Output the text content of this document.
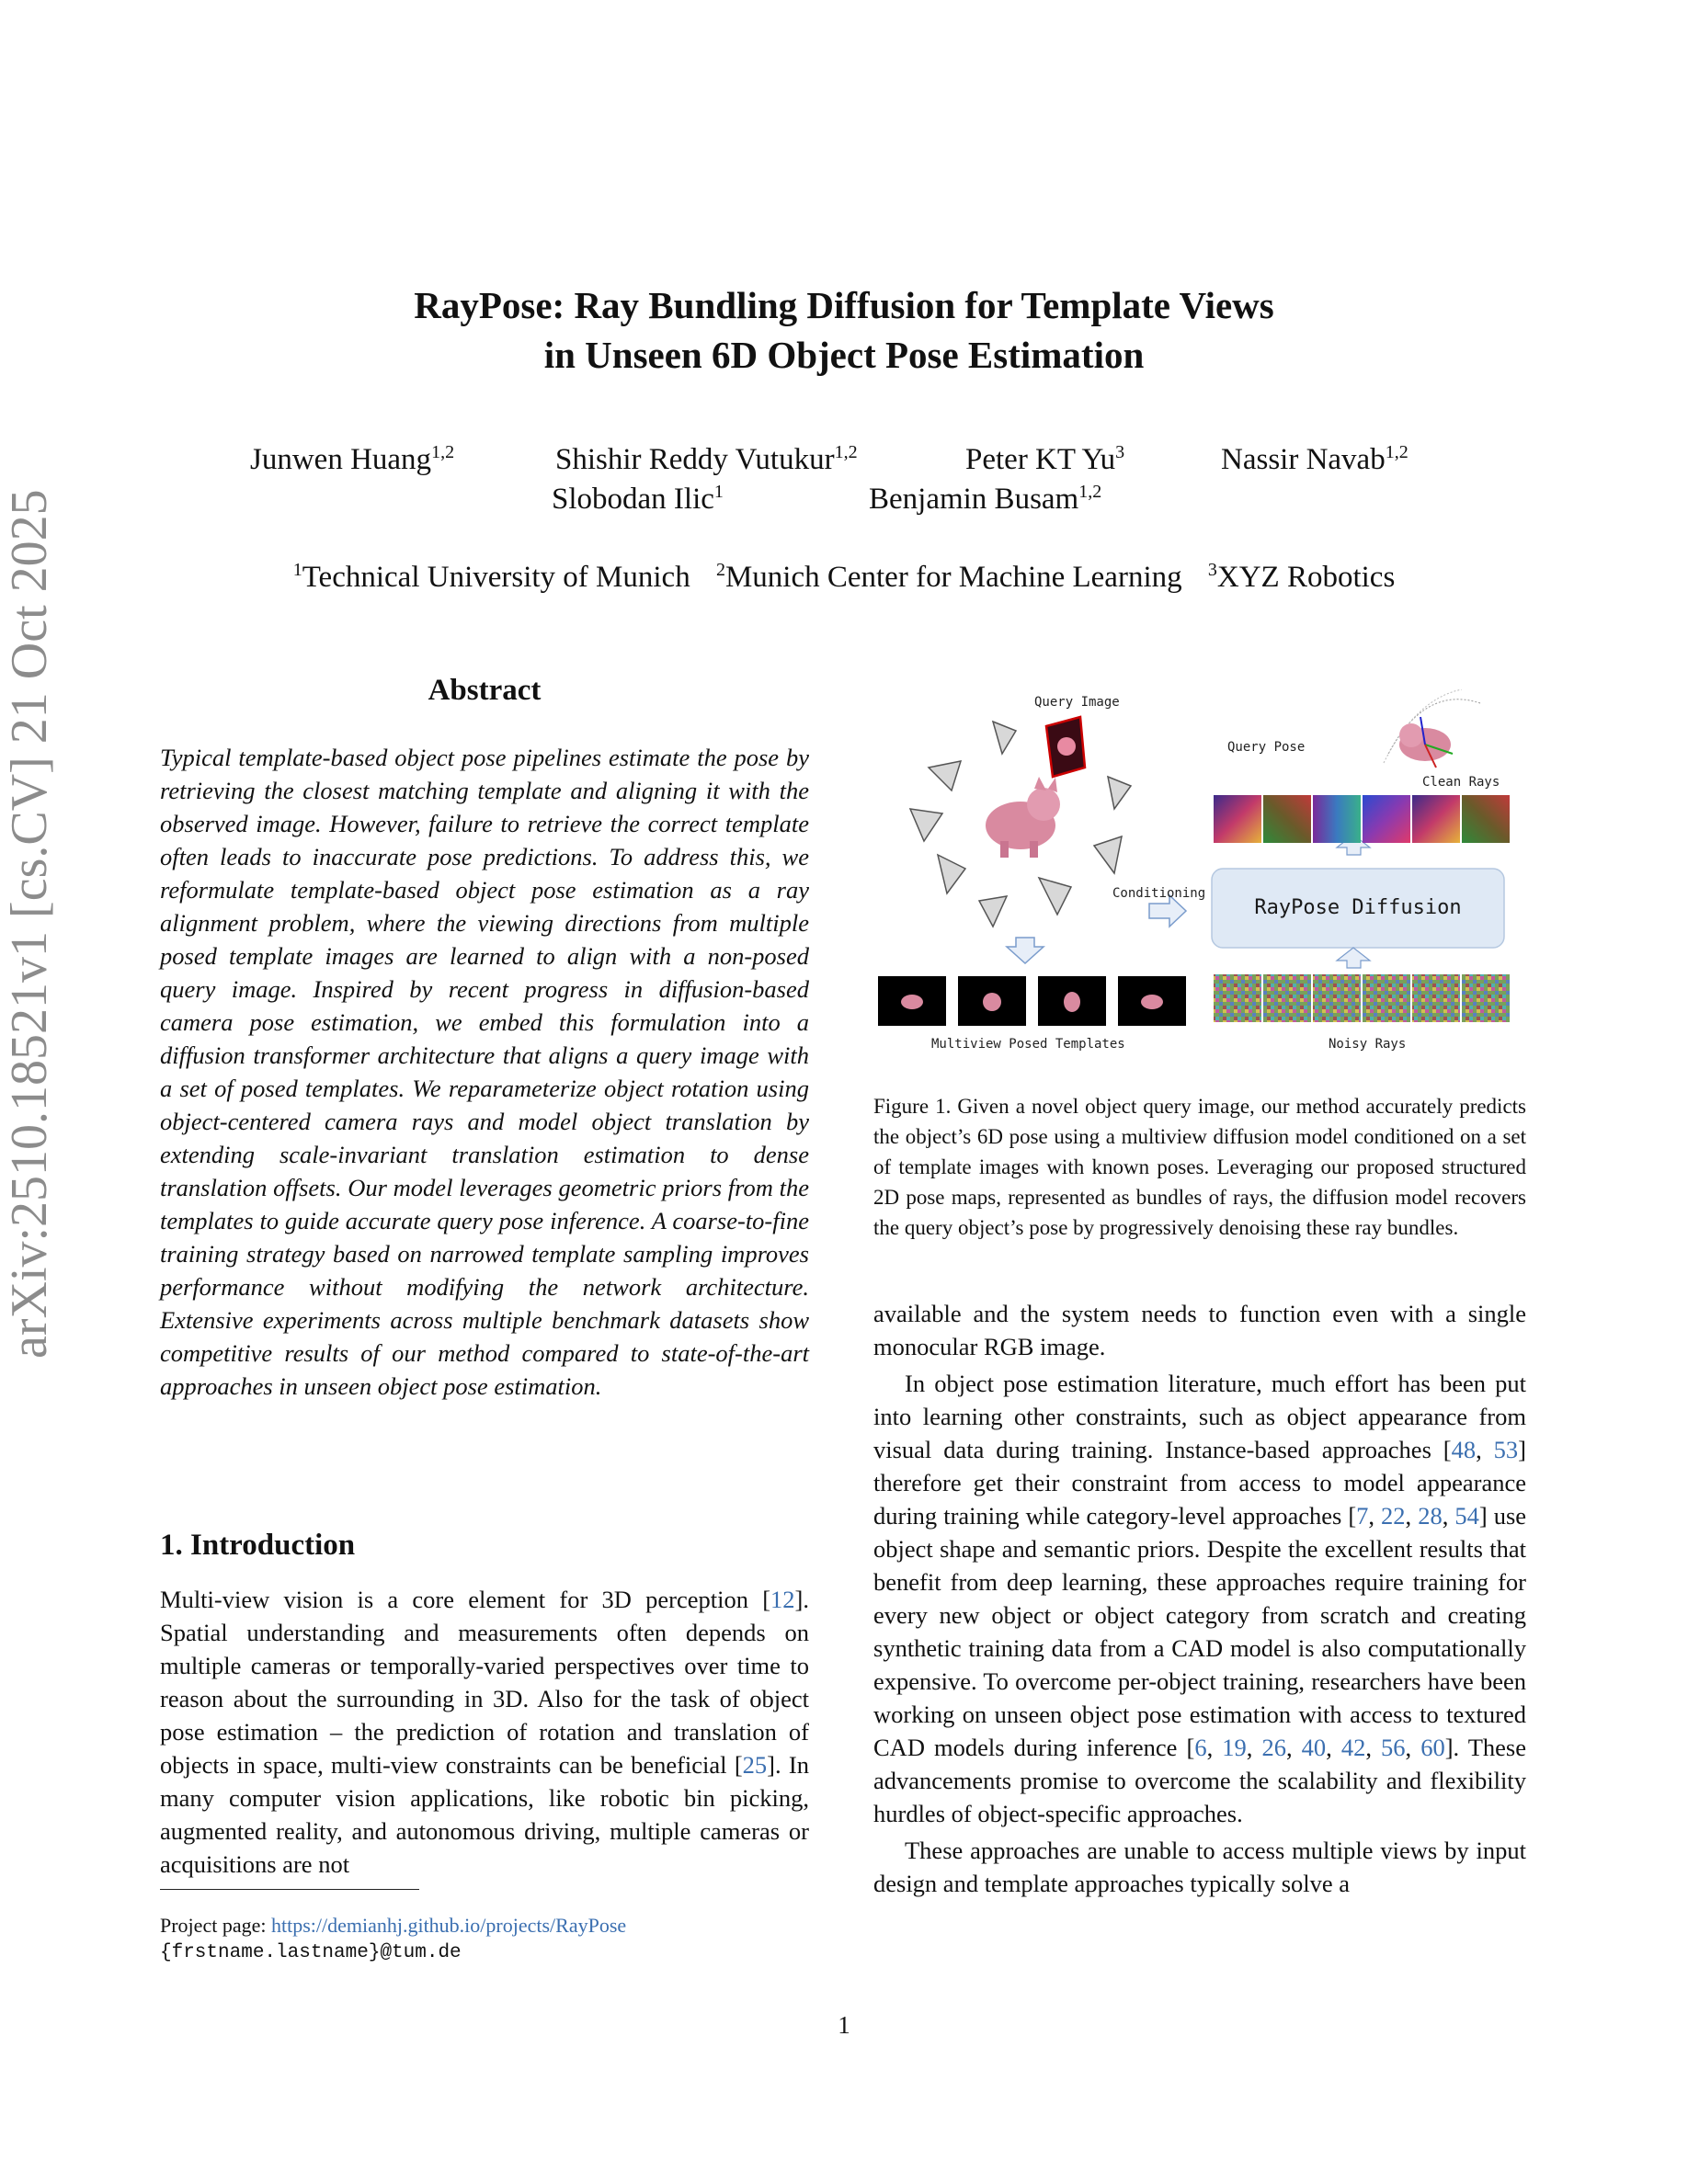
arXiv:2510.18521v1 [cs.CV] 21 Oct 2025
RayPose: Ray Bundling Diffusion for Template Views
in Unseen 6D Object Pose Estimation
Junwen Huang$^{1,2}$	Shishir Reddy Vutukur$^{1,2}$	Peter KT Yu$^3$	Nassir Navab$^{1,2}$
Slobodan Ilic$^1$	Benjamin Busam$^{1,2}$
$^1$Technical University of Munich $^2$Munich Center for Machine Learning $^3$XYZ Robotics
Abstract

Typical template-based object pose pipelines estimate the pose by retrieving the closest matching template and aligning it with the observed image. However, failure to retrieve the correct template often leads to inaccurate pose predictions. To address this, we reformulate template-based object pose estimation as a ray alignment problem, where the viewing directions from multiple posed template images are learned to align with a non-posed query image. Inspired by recent progress in diffusion-based camera pose estimation, we embed this formulation into a diffusion transformer architecture that aligns a query image with a set of posed templates. We reparameterize object rotation using object-centered camera rays and model object translation by extending scale-invariant translation estimation to dense translation offsets. Our model leverages geometric priors from the templates to guide accurate query pose inference. A coarse-to-fine training strategy based on narrowed template sampling improves performance without modifying the network architecture. Extensive experiments across multiple benchmark datasets show competitive results of our method compared to state-of-the-art approaches in unseen object pose estimation.

1. Introduction

Multi-view vision is a core element for 3D perception [12]. Spatial understanding and measurements often depends on multiple cameras or temporally-varied perspectives over time to reason about the surrounding in 3D. Also for the task of object pose estimation – the prediction of rotation and translation of objects in space, multi-view constraints can be beneficial [25]. In many computer vision applications, like robotic bin picking, augmented reality, and autonomous driving, multiple cameras or acquisitions are not

Project page: https://demianhj.github.io/projects/RayPose
{frstname.lastname}@tum.de
Query Image
Query Pose
Clean Rays
Conditioning
RayPose Diffusion
Multiview Posed Templates	Noisy Rays
Figure 1. Given a novel object query image, our method accurately predicts the object’s 6D pose using a multiview diffusion model conditioned on a set of template images with known poses. Leveraging our proposed structured 2D pose maps, represented as bundles of rays, the diffusion model recovers the query object’s pose by progressively denoising these ray bundles.

available and the system needs to function even with a single monocular RGB image.

In object pose estimation literature, much effort has been put into learning other constraints, such as object appearance from visual data during training. Instance-based approaches [48, 53] therefore get their constraint from access to model appearance during training while category-level approaches [7, 22, 28, 54] use object shape and semantic priors. Despite the excellent results that benefit from deep learning, these approaches require training for every new object or object category from scratch and creating synthetic training data from a CAD model is also computationally expensive. To overcome per-object training, researchers have been working on unseen object pose estimation with access to textured CAD models during inference [6, 19, 26, 40, 42, 56, 60]. These advancements promise to overcome the scalability and flexibility hurdles of object-specific approaches.

These approaches are unable to access multiple views by input design and template approaches typically solve a

1
